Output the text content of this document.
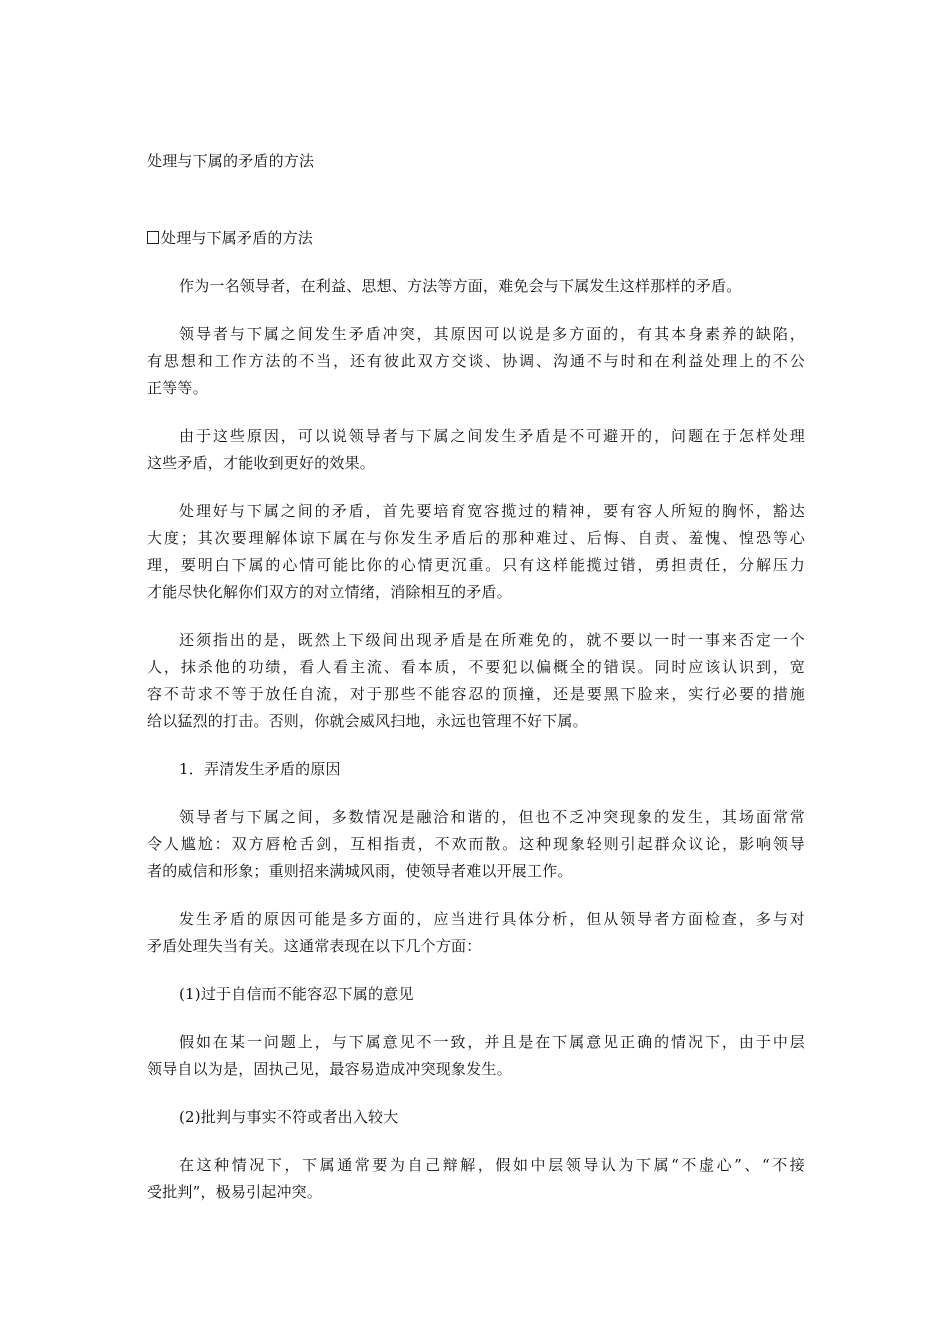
处理与下属的矛盾的方法
处理与下属矛盾的方法
作为一名领导者，在利益、思想、方法等方面，难免会与下属发生这样那样的矛盾。
领导者与下属之间发生矛盾冲突，其原因可以说是多方面的，有其本身素养的缺陷，
有思想和工作方法的不当，还有彼此双方交谈、协调、沟通不与时和在利益处理上的不公
正等等。
由于这些原因，可以说领导者与下属之间发生矛盾是不可避开的，问题在于怎样处理
这些矛盾，才能收到更好的效果。
处理好与下属之间的矛盾，首先要培育宽容揽过的精神，要有容人所短的胸怀，豁达
大度；其次要理解体谅下属在与你发生矛盾后的那种难过、后悔、自责、羞愧、惶恐等心
理，要明白下属的心情可能比你的心情更沉重。只有这样能揽过错，勇担责任，分解压力
才能尽快化解你们双方的对立情绪，消除相互的矛盾。
还须指出的是，既然上下级间出现矛盾是在所难免的，就不要以一时一事来否定一个
人，抹杀他的功绩，看人看主流、看本质，不要犯以偏概全的错误。同时应该认识到，宽
容不苛求不等于放任自流，对于那些不能容忍的顶撞，还是要黑下脸来，实行必要的措施
给以猛烈的打击。否则，你就会威风扫地，永远也管理不好下属。
1．弄清发生矛盾的原因
领导者与下属之间，多数情况是融洽和谐的，但也不乏冲突现象的发生，其场面常常
令人尴尬：双方唇枪舌剑，互相指责，不欢而散。这种现象轻则引起群众议论，影响领导
者的威信和形象；重则招来满城风雨，使领导者难以开展工作。
发生矛盾的原因可能是多方面的，应当进行具体分析，但从领导者方面检查，多与对
矛盾处理失当有关。这通常表现在以下几个方面：
(1)过于自信而不能容忍下属的意见
假如在某一问题上，与下属意见不一致，并且是在下属意见正确的情况下，由于中层
领导自以为是，固执己见，最容易造成冲突现象发生。
(2)批判与事实不符或者出入较大
在这种情况下，下属通常要为自己辩解，假如中层领导认为下属“不虚心”、“不接
受批判”，极易引起冲突。
